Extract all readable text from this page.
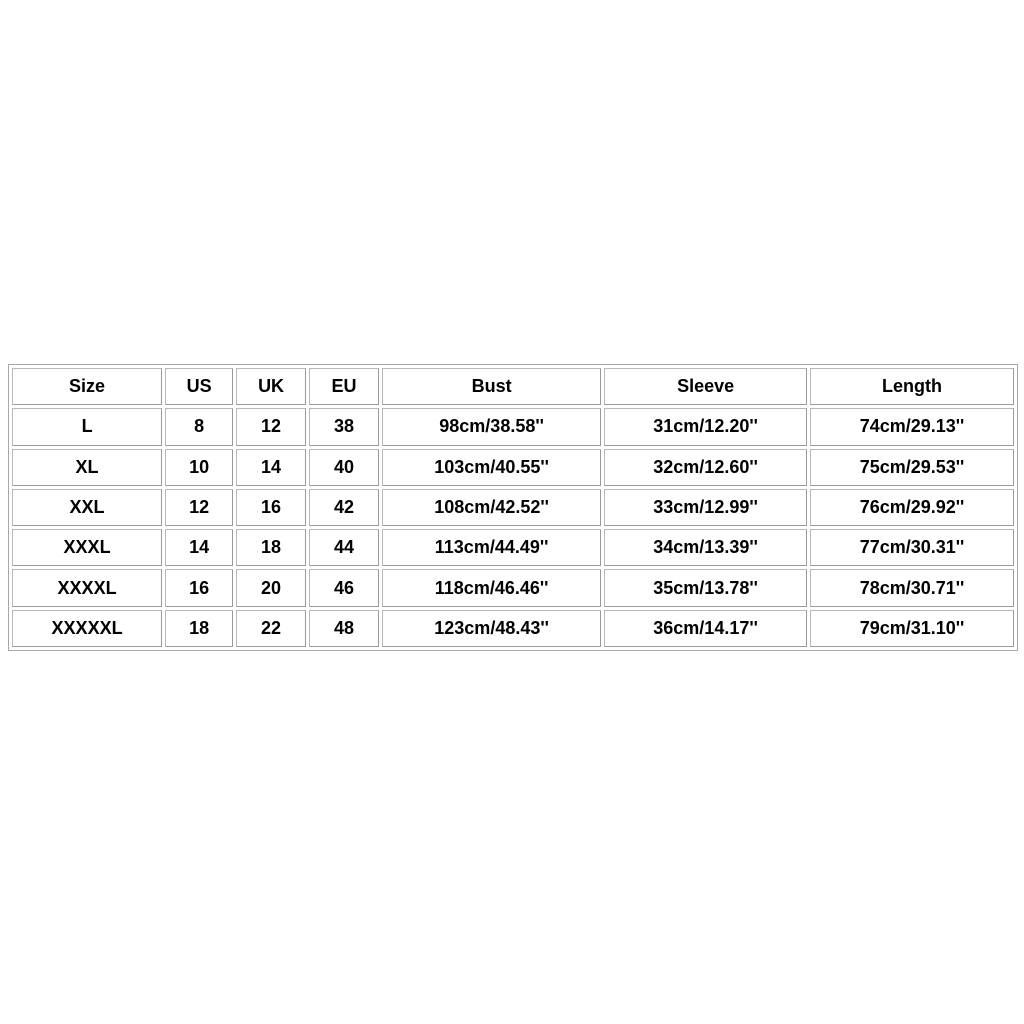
Size	US	UK	EU	Bust	Sleeve	Length
L	8	12	38	98cm/38.58''	31cm/12.20''	74cm/29.13''
XL	10	14	40	103cm/40.55''	32cm/12.60''	75cm/29.53''
XXL	12	16	42	108cm/42.52''	33cm/12.99''	76cm/29.92''
XXXL	14	18	44	113cm/44.49''	34cm/13.39''	77cm/30.31''
XXXXL	16	20	46	118cm/46.46''	35cm/13.78''	78cm/30.71''
XXXXXL	18	22	48	123cm/48.43''	36cm/14.17''	79cm/31.10''
